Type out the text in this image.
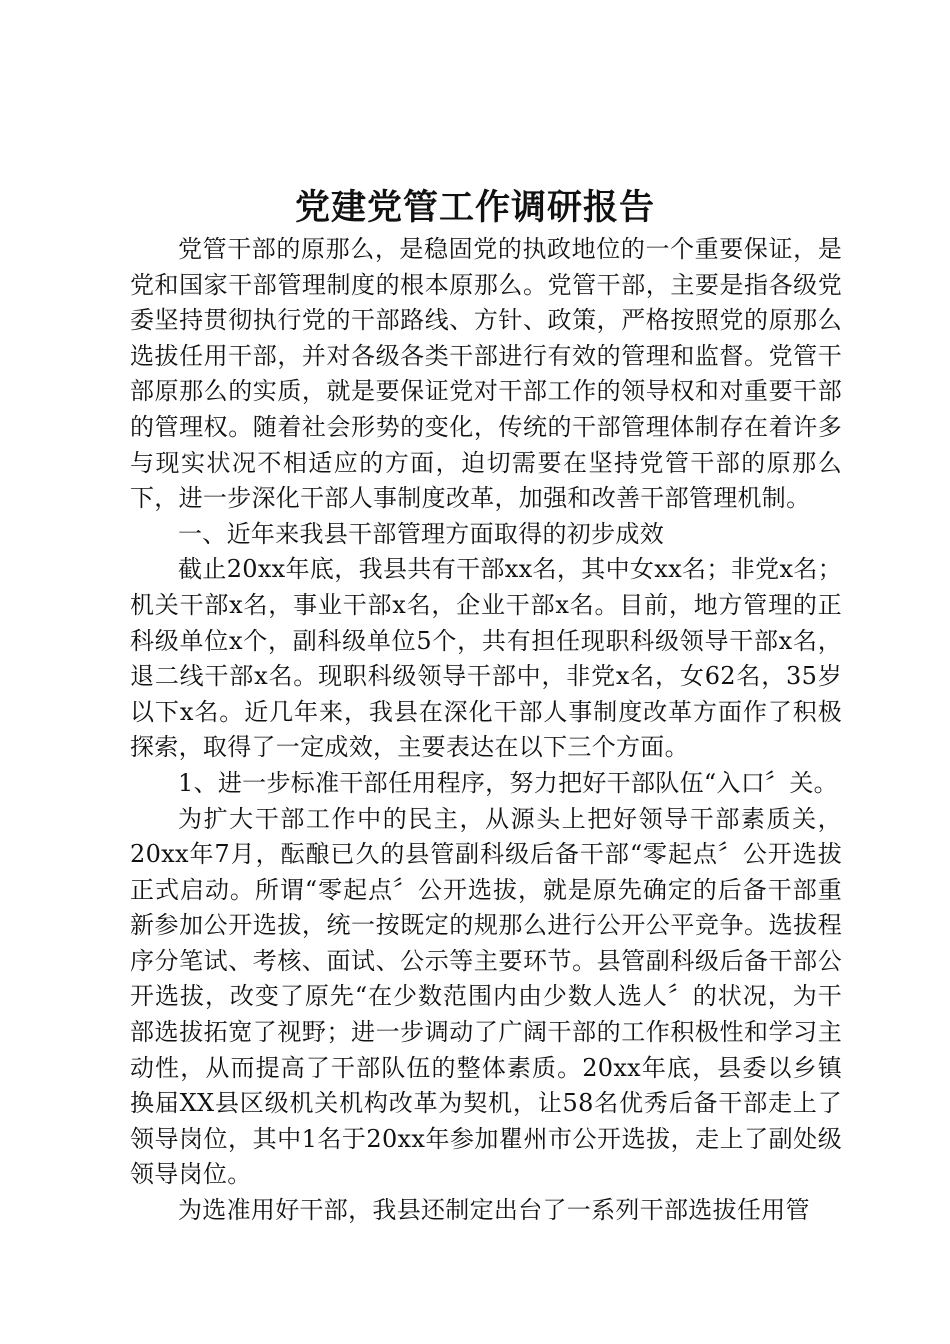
党建党管工作调研报告

党管干部的原那么，是稳固党的执政地位的一个重要保证，是党和国家干部管理制度的根本原那么。党管干部，主要是指各级党委坚持贯彻执行党的干部路线、方针、政策，严格按照党的原那么选拔任用干部，并对各级各类干部进行有效的管理和监督。党管干部原那么的实质，就是要保证党对干部工作的领导权和对重要干部的管理权。随着社会形势的变化，传统的干部管理体制存在着许多与现实状况不相适应的方面，迫切需要在坚持党管干部的原那么下，进一步深化干部人事制度改革，加强和改善干部管理机制。

一、近年来我县干部管理方面取得的初步成效

截止20xx年底，我县共有干部xx名，其中女xx名；非党x名；机关干部x名，事业干部x名，企业干部x名。目前，地方管理的正科级单位x个，副科级单位5个，共有担任现职科级领导干部x名，退二线干部x名。现职科级领导干部中，非党x名，女62名，35岁以下x名。近几年来，我县在深化干部人事制度改革方面作了积极探索，取得了一定成效，主要表达在以下三个方面。

1、进一步标准干部任用程序，努力把好干部队伍“入口〞关。

为扩大干部工作中的民主，从源头上把好领导干部素质关，20xx年7月，酝酿已久的县管副科级后备干部“零起点〞公开选拔正式启动。所谓“零起点〞公开选拔，就是原先确定的后备干部重新参加公开选拔，统一按既定的规那么进行公开公平竞争。选拔程序分笔试、考核、面试、公示等主要环节。县管副科级后备干部公开选拔，改变了原先“在少数范围内由少数人选人〞的状况，为干部选拔拓宽了视野；进一步调动了广阔干部的工作积极性和学习主动性，从而提高了干部队伍的整体素质。20xx年底，县委以乡镇换届XX县区级机关机构改革为契机，让58名优秀后备干部走上了领导岗位，其中1名于20xx年参加瞿州市公开选拔，走上了副处级领导岗位。

为选准用好干部，我县还制定出台了一系列干部选拔任用管
